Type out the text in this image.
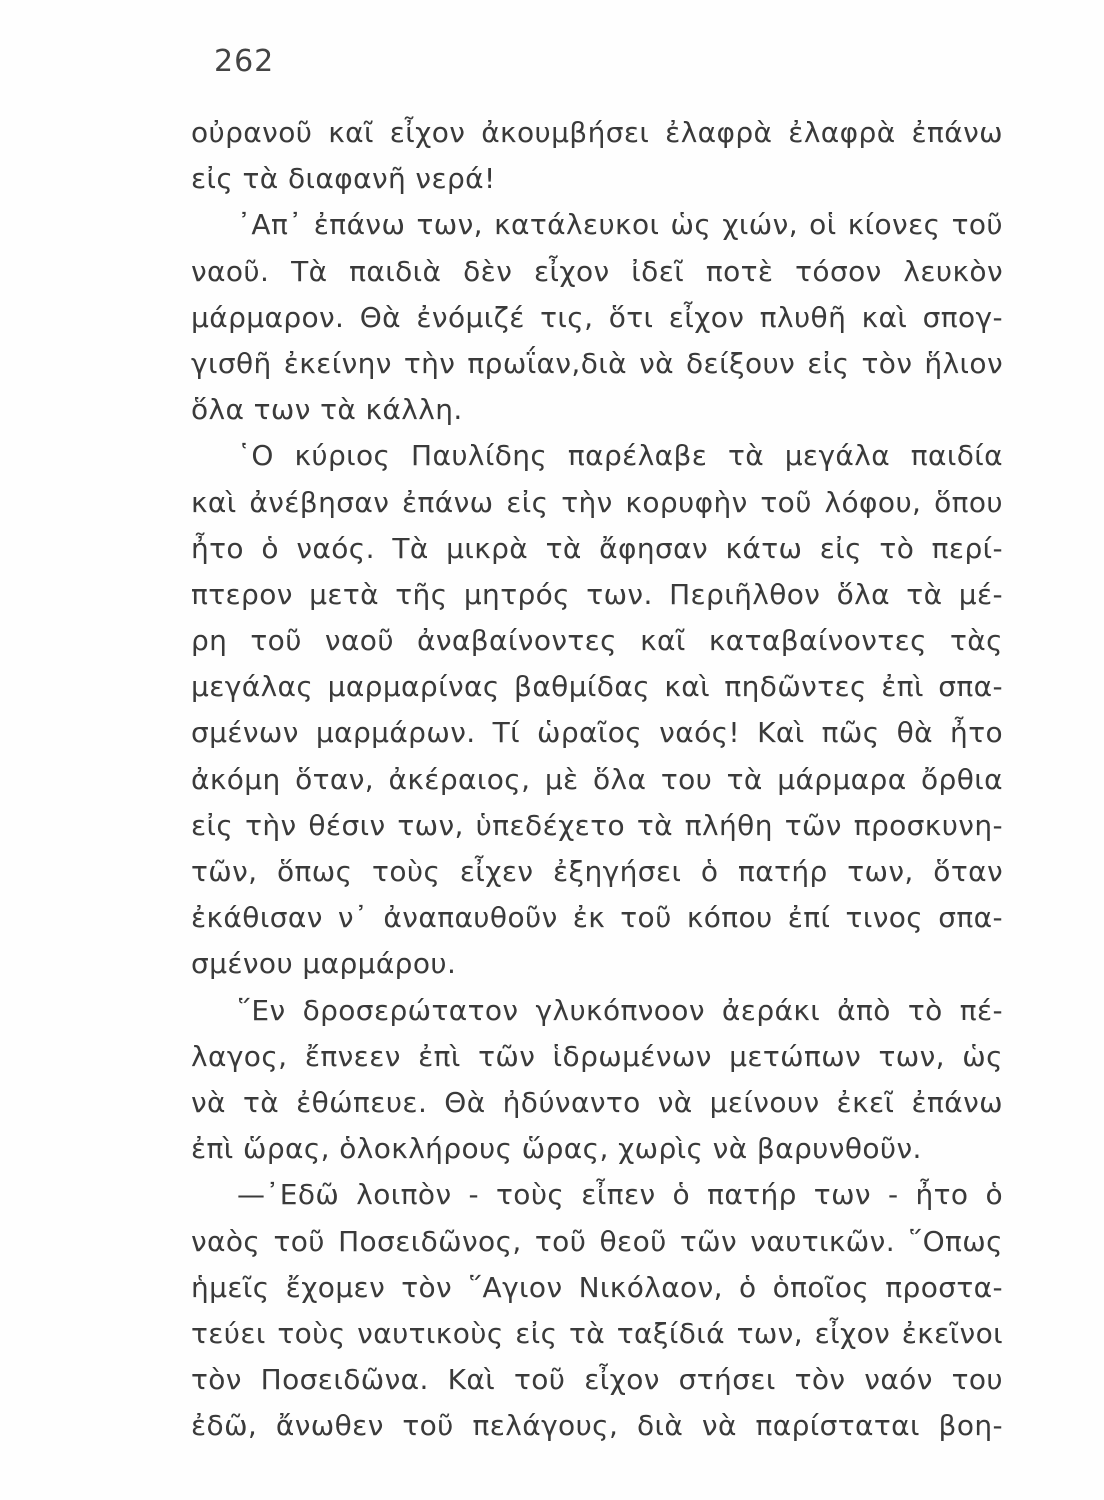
262
οὐρανοῦ καῖ εἶχον ἀκουμβήσει ἐλαφρὰ ἐλαφρὰ ἐπάνω
εἰς τὰ διαφανῆ νερά!
᾿Απ᾿ ἐπάνω των, κατάλευκοι ὡς χιών, οἱ κίονες τοῦ
ναοῦ. Τὰ παιδιὰ δὲν εἶχον ἰδεῖ ποτὲ τόσον λευκὸν
μάρμαρον. Θὰ ἐνόμιζέ τις, ὅτι εἶχον πλυθῆ καὶ σπογ-
γισθῆ ἐκείνην τὴν πρωΐαν,διὰ νὰ δείξουν εἰς τὸν ἥλιον
ὅλα των τὰ κάλλη.
῾Ο κύριος Παυλίδης παρέλαβε τὰ μεγάλα παιδία
καὶ ἀνέβησαν ἐπάνω εἰς τὴν κορυφὴν τοῦ λόφου, ὅπου
ἦτο ὁ ναός. Τὰ μικρὰ τὰ ἄφησαν κάτω εἰς τὸ περί-
πτερον μετὰ τῆς μητρός των. Περιῆλθον ὅλα τὰ μέ-
ρη τοῦ ναοῦ ἀναβαίνοντες καῖ καταβαίνοντες τὰς
μεγάλας μαρμαρίνας βαθμίδας καὶ πηδῶντες ἐπὶ σπα-
σμένων μαρμάρων. Τί ὡραῖος ναός! Καὶ πῶς θὰ ἦτο
ἀκόμη ὅταν, ἀκέραιος, μὲ ὅλα του τὰ μάρμαρα ὄρθια
εἰς τὴν θέσιν των, ὑπεδέχετο τὰ πλήθη τῶν προσκυνη-
τῶν, ὅπως τοὺς εἶχεν ἐξηγήσει ὁ πατήρ των, ὅταν
ἐκάθισαν ν᾿ ἀναπαυθοῦν ἐκ τοῦ κόπου ἐπί τινος σπα-
σμένου μαρμάρου.
῞Εν δροσερώτατον γλυκόπνοον ἀεράκι ἀπὸ τὸ πέ-
λαγος, ἔπνεεν ἐπὶ τῶν ἱδρωμένων μετώπων των, ὡς
νὰ τὰ ἐθώπευε. Θὰ ἠδύναντο νὰ μείνουν ἐκεῖ ἐπάνω
ἐπὶ ὥρας, ὁλοκλήρους ὥρας, χωρὶς νὰ βαρυνθοῦν.
—᾿Εδῶ λοιπὸν - τοὺς εἶπεν ὁ πατήρ των - ἦτο ὁ
ναὸς τοῦ Ποσειδῶνος, τοῦ θεοῦ τῶν ναυτικῶν. ῞Οπως
ἡμεῖς ἔχομεν τὸν ῞Αγιον Νικόλαον, ὁ ὁποῖος προστα-
τεύει τοὺς ναυτικοὺς εἰς τὰ ταξίδιά των, εἶχον ἐκεῖνοι
τὸν Ποσειδῶνα. Καὶ τοῦ εἶχον στήσει τὸν ναόν του
ἐδῶ, ἄνωθεν τοῦ πελάγους, διὰ νὰ παρίσταται βοη-
